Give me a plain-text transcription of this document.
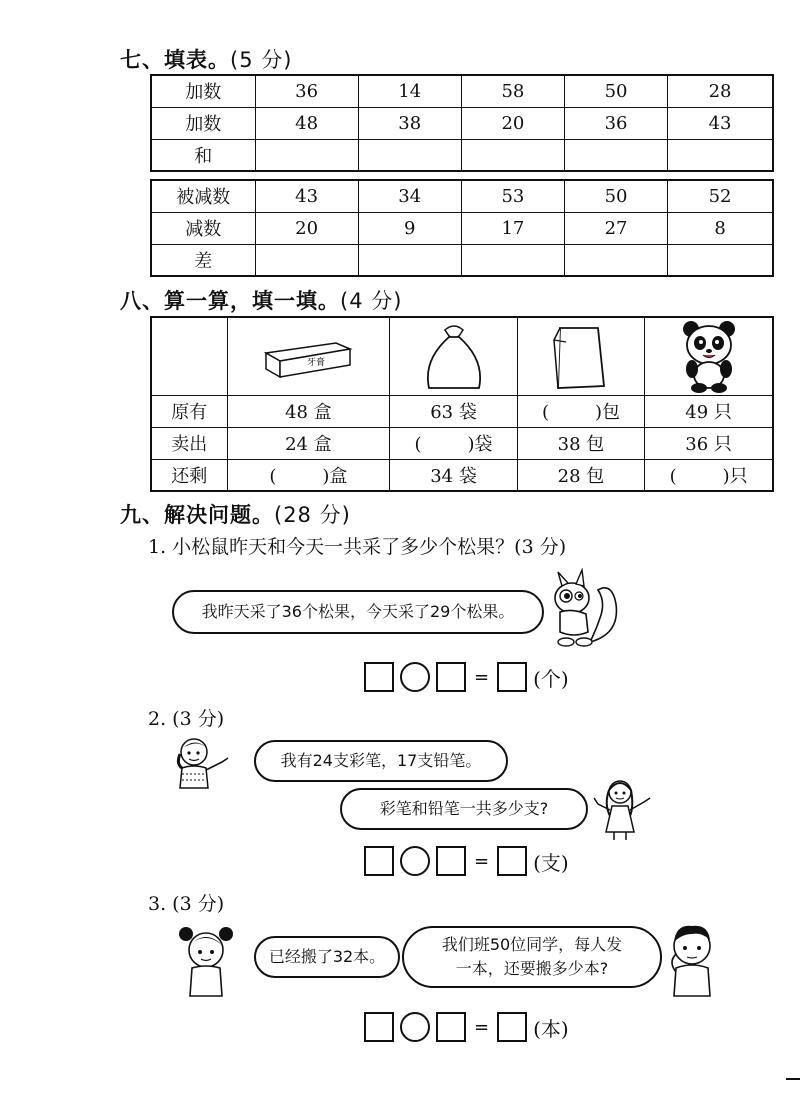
七、填表。(5 分)
加数	36	14	58	50	28
加数	48	38	20	36	43
和					
被减数	43	34	53	50	52
减数	20	9	17	27	8
差					
八、算一算，填一填。(4 分)

牙膏

原有	48 盒	63 袋	( )包	49 只
卖出	24 盒	( )袋	38 包	36 只
还剩	( )盒	34 袋	28 包	( )只
九、解决问题。(28 分)
1. 小松鼠昨天和今天一共采了多少个松果？(3 分)
我昨天采了36个松果，今天采了29个松果。
= (个)
2. (3 分)
我有24支彩笔，17支铅笔。
彩笔和铅笔一共多少支?
= (支)
3. (3 分)
已经搬了32本。
我们班50位同学，每人发
一本，还要搬多少本?
= (本)
